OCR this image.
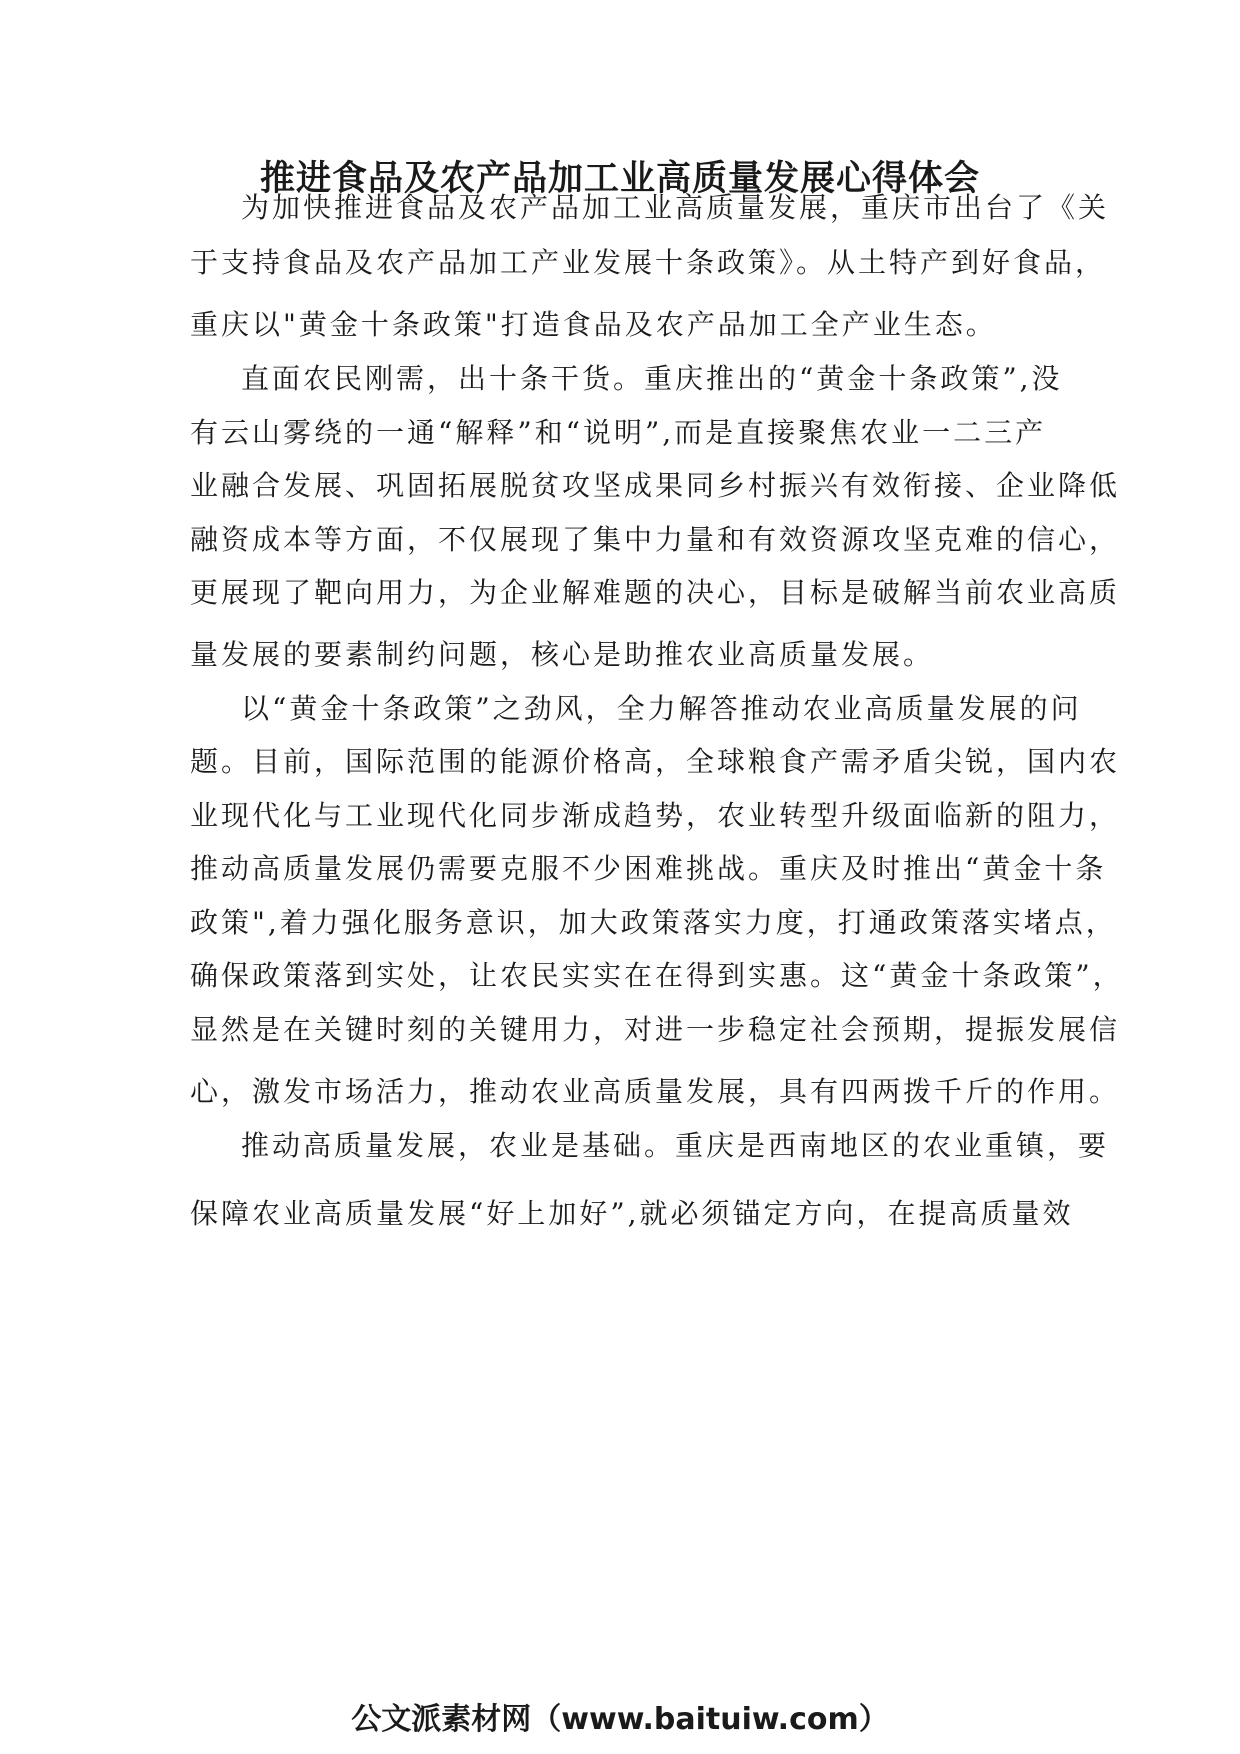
推进食品及农产品加工业高质量发展心得体会

为加快推进食品及农产品加工业高质量发展，重庆市出台了《关

于支持食品及农产品加工产业发展十条政策》。从土特产到好食品，

重庆以"黄金十条政策"打造食品及农产品加工全产业生态。

直面农民刚需，出十条干货。重庆推出的“黄金十条政策”,没

有云山雾绕的一通“解释”和“说明”,而是直接聚焦农业一二三产

业融合发展、巩固拓展脱贫攻坚成果同乡村振兴有效衔接、企业降低

融资成本等方面，不仅展现了集中力量和有效资源攻坚克难的信心，

更展现了靶向用力，为企业解难题的决心，目标是破解当前农业高质

量发展的要素制约问题，核心是助推农业高质量发展。

以“黄金十条政策”之劲风，全力解答推动农业高质量发展的问

题。目前，国际范围的能源价格高，全球粮食产需矛盾尖锐，国内农

业现代化与工业现代化同步渐成趋势，农业转型升级面临新的阻力，

推动高质量发展仍需要克服不少困难挑战。重庆及时推出“黄金十条

政策",着力强化服务意识，加大政策落实力度，打通政策落实堵点，

确保政策落到实处，让农民实实在在得到实惠。这“黄金十条政策”，

显然是在关键时刻的关键用力，对进一步稳定社会预期，提振发展信

心，激发市场活力，推动农业高质量发展，具有四两拨千斤的作用。

推动高质量发展，农业是基础。重庆是西南地区的农业重镇，要

保障农业高质量发展“好上加好”,就必须锚定方向，在提高质量效

公文派素材网（www.baituiw.com）
